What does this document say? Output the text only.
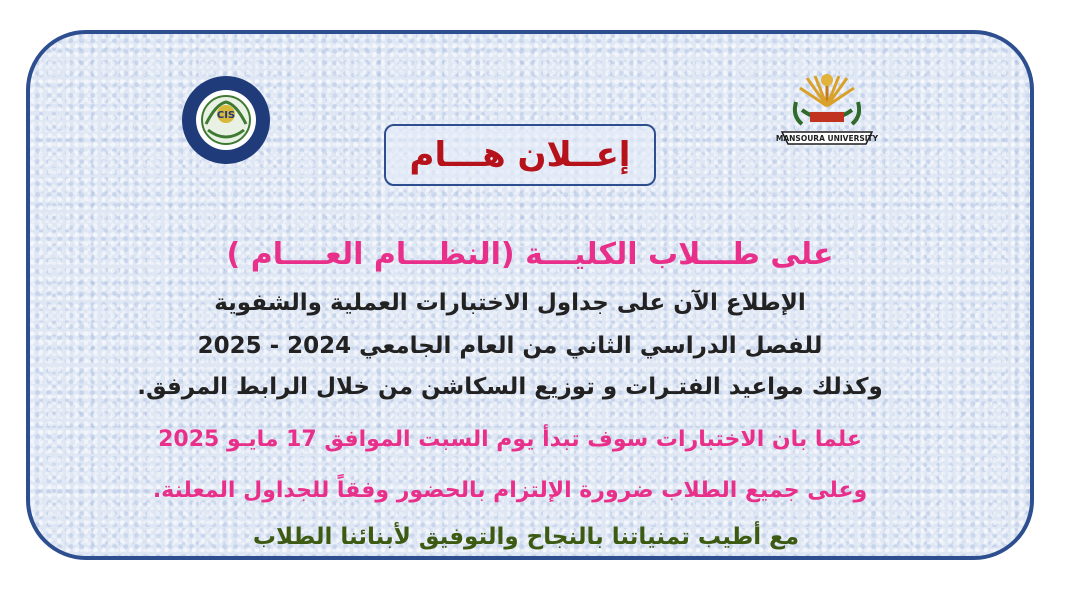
CIS
MANSOURA UNIVERSITY
إعــلان هـــام
على طـــلاب الكليـــة (النظـــام العــــام )
الإطلاع الآن على جداول الاختبارات العملية والشفوية
للفصل الدراسي الثاني من العام الجامعي 2024 - 2025
وكذلك مواعيد الفتـرات و توزيع السكاشن من خلال الرابط المرفق.
علما بان الاختبارات سوف تبدأ يوم السبت الموافق 17 مايـو 2025
وعلى جميع الطلاب ضرورة الإلتزام بالحضور وفقاً للجداول المعلنة.
مع أطيب تمنياتنا بالنجاح والتوفيق لأبنائنا الطلاب
